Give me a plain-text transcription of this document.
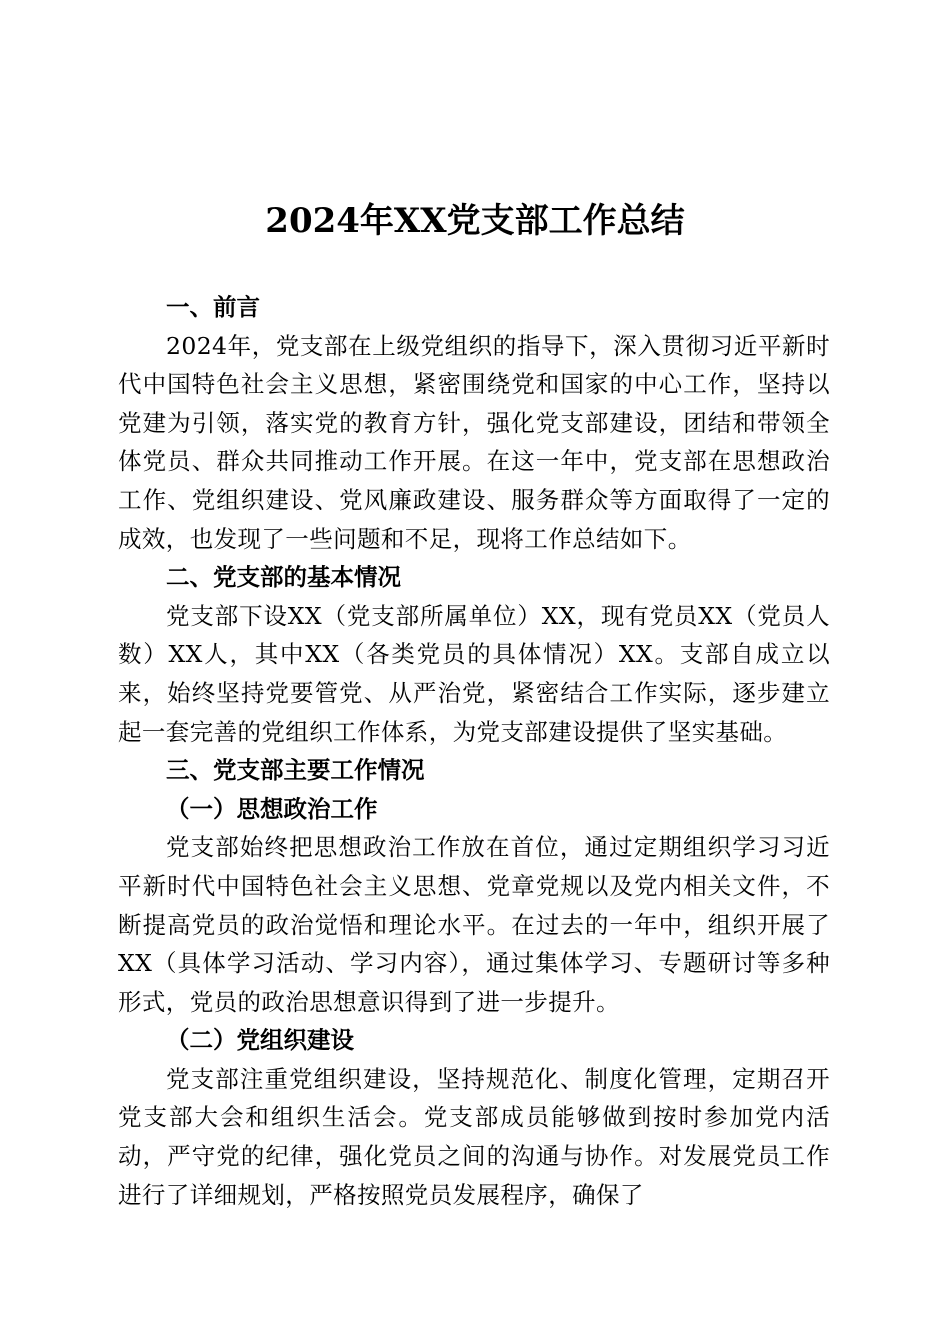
2024年XX党支部工作总结

一、前言

2024年，党支部在上级党组织的指导下，深入贯彻习近平新时代中国特色社会主义思想，紧密围绕党和国家的中心工作，坚持以党建为引领，落实党的教育方针，强化党支部建设，团结和带领全体党员、群众共同推动工作开展。在这一年中，党支部在思想政治工作、党组织建设、党风廉政建设、服务群众等方面取得了一定的成效，也发现了一些问题和不足，现将工作总结如下。

二、党支部的基本情况

党支部下设XX（党支部所属单位）XX，现有党员XX（党员人数）XX人，其中XX（各类党员的具体情况）XX。支部自成立以来，始终坚持党要管党、从严治党，紧密结合工作实际，逐步建立起一套完善的党组织工作体系，为党支部建设提供了坚实基础。

三、党支部主要工作情况

（一）思想政治工作

党支部始终把思想政治工作放在首位，通过定期组织学习习近平新时代中国特色社会主义思想、党章党规以及党内相关文件，不断提高党员的政治觉悟和理论水平。在过去的一年中，组织开展了XX（具体学习活动、学习内容），通过集体学习、专题研讨等多种形式，党员的政治思想意识得到了进一步提升。

（二）党组织建设

党支部注重党组织建设，坚持规范化、制度化管理，定期召开党支部大会和组织生活会。党支部成员能够做到按时参加党内活动，严守党的纪律，强化党员之间的沟通与协作。对发展党员工作进行了详细规划，严格按照党员发展程序，确保了
